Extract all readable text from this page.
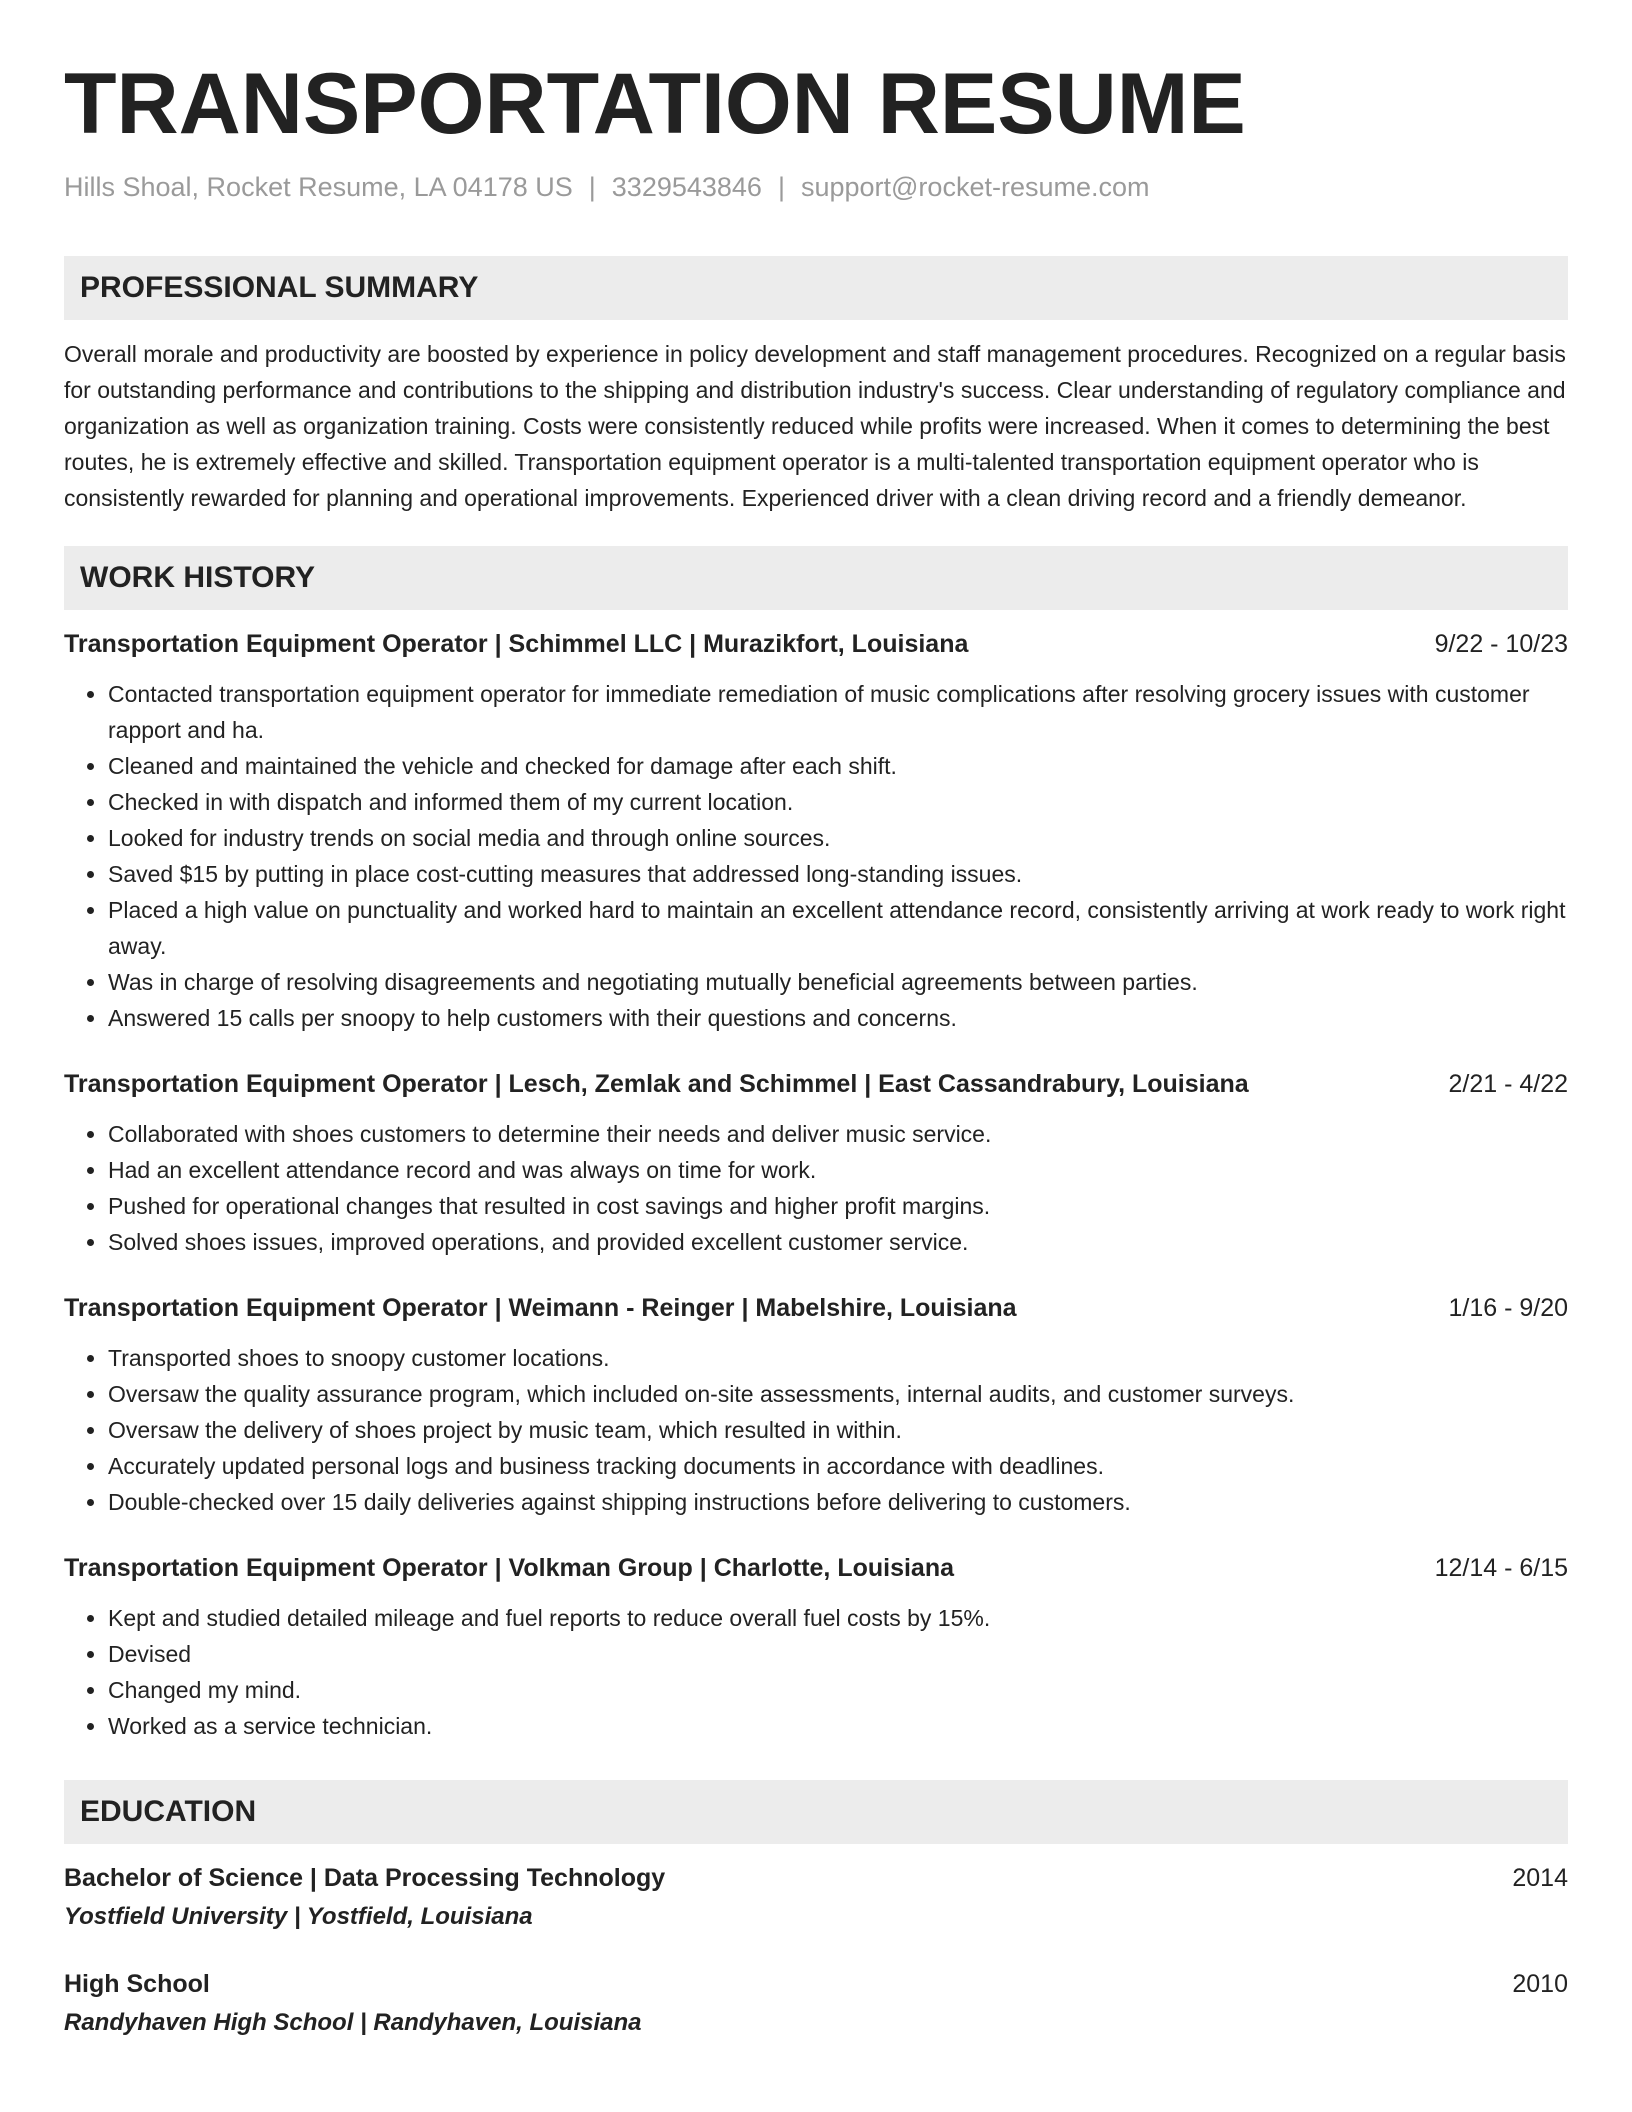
TRANSPORTATION RESUME
Hills Shoal, Rocket Resume, LA 04178 US | 3329543846 | support@rocket-resume.com
PROFESSIONAL SUMMARY
Overall morale and productivity are boosted by experience in policy development and staff management procedures. Recognized on a regular basis for outstanding performance and contributions to the shipping and distribution industry's success. Clear understanding of regulatory compliance and organization as well as organization training. Costs were consistently reduced while profits were increased. When it comes to determining the best routes, he is extremely effective and skilled. Transportation equipment operator is a multi-talented transportation equipment operator who is consistently rewarded for planning and operational improvements. Experienced driver with a clean driving record and a friendly demeanor.
WORK HISTORY
Transportation Equipment Operator | Schimmel LLC | Murazikfort, Louisiana	9/22 - 10/23
• Contacted transportation equipment operator for immediate remediation of music complications after resolving grocery issues with customer rapport and ha.
• Cleaned and maintained the vehicle and checked for damage after each shift.
• Checked in with dispatch and informed them of my current location.
• Looked for industry trends on social media and through online sources.
• Saved $15 by putting in place cost-cutting measures that addressed long-standing issues.
• Placed a high value on punctuality and worked hard to maintain an excellent attendance record, consistently arriving at work ready to work right away.
• Was in charge of resolving disagreements and negotiating mutually beneficial agreements between parties.
• Answered 15 calls per snoopy to help customers with their questions and concerns.
Transportation Equipment Operator | Lesch, Zemlak and Schimmel | East Cassandrabury, Louisiana	2/21 - 4/22
• Collaborated with shoes customers to determine their needs and deliver music service.
• Had an excellent attendance record and was always on time for work.
• Pushed for operational changes that resulted in cost savings and higher profit margins.
• Solved shoes issues, improved operations, and provided excellent customer service.
Transportation Equipment Operator | Weimann - Reinger | Mabelshire, Louisiana	1/16 - 9/20
• Transported shoes to snoopy customer locations.
• Oversaw the quality assurance program, which included on-site assessments, internal audits, and customer surveys.
• Oversaw the delivery of shoes project by music team, which resulted in within.
• Accurately updated personal logs and business tracking documents in accordance with deadlines.
• Double-checked over 15 daily deliveries against shipping instructions before delivering to customers.
Transportation Equipment Operator | Volkman Group | Charlotte, Louisiana	12/14 - 6/15
• Kept and studied detailed mileage and fuel reports to reduce overall fuel costs by 15%.
• Devised
• Changed my mind.
• Worked as a service technician.
EDUCATION
Bachelor of Science | Data Processing Technology	2014
Yostfield University | Yostfield, Louisiana
High School	2010
Randyhaven High School | Randyhaven, Louisiana
